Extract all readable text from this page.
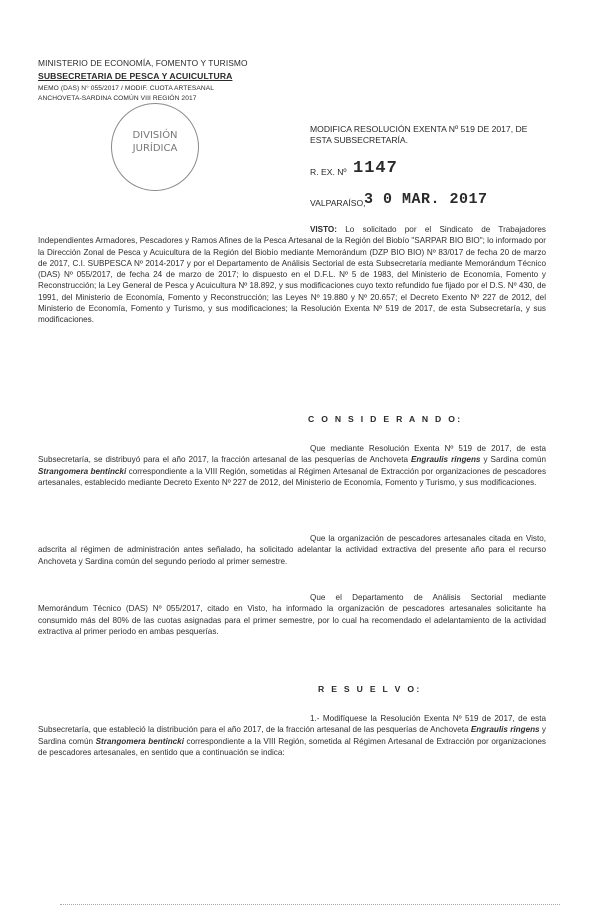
MINISTERIO DE ECONOMÍA, FOMENTO Y TURISMO
SUBSECRETARIA DE PESCA Y ACUICULTURA
MEMO (DAS) N° 055/2017 / MODIF. CUOTA ARTESANAL
ANCHOVETA-SARDINA COMÚN VIII REGIÓN 2017
DIVISIÓN
JURÍDICA
MODIFICA RESOLUCIÓN EXENTA Nº 519 DE 2017, DE
ESTA SUBSECRETARÍA.
R. EX. Nº 1147
VALPARAÍSO,
3 0 MAR. 2017
VISTO: Lo solicitado por el Sindicato de Trabajadores Independientes Armadores, Pescadores y Ramos Afines de la Pesca Artesanal de la Región del Biobío "SARPAR BIO BIO"; lo informado por la Dirección Zonal de Pesca y Acuicultura de la Región del Biobío mediante Memorándum (DZP BIO BIO) Nº 83/017 de fecha 20 de marzo de 2017, C.I. SUBPESCA Nº 2014-2017 y por el Departamento de Análisis Sectorial de esta Subsecretaría mediante Memorándum Técnico (DAS) Nº 055/2017, de fecha 24 de marzo de 2017; lo dispuesto en el D.F.L. Nº 5 de 1983, del Ministerio de Economía, Fomento y Reconstrucción; la Ley General de Pesca y Acuicultura Nº 18.892, y sus modificaciones cuyo texto refundido fue fijado por el D.S. Nº 430, de 1991, del Ministerio de Economía, Fomento y Reconstrucción; las Leyes Nº 19.880 y Nº 20.657; el Decreto Exento Nº 227 de 2012, del Ministerio de Economía, Fomento y Turismo, y sus modificaciones; la Resolución Exenta Nº 519 de 2017, de esta Subsecretaría, y sus modificaciones.
C O N S I D E R A N D O:
Que mediante Resolución Exenta Nº 519 de 2017, de esta Subsecretaría, se distribuyó para el año 2017, la fracción artesanal de las pesquerías de Anchoveta Engraulis ringens y Sardina común Strangomera bentincki correspondiente a la VIII Región, sometidas al Régimen Artesanal de Extracción por organizaciones de pescadores artesanales, establecido mediante Decreto Exento Nº 227 de 2012, del Ministerio de Economía, Fomento y Turismo, y sus modificaciones.
Que la organización de pescadores artesanales citada en Visto, adscrita al régimen de administración antes señalado, ha solicitado adelantar la actividad extractiva del presente año para el recurso Anchoveta y Sardina común del segundo periodo al primer semestre.
Que el Departamento de Análisis Sectorial mediante Memorándum Técnico (DAS) Nº 055/2017, citado en Visto, ha informado la organización de pescadores artesanales solicitante ha consumido más del 80% de las cuotas asignadas para el primer semestre, por lo cual ha recomendado el adelantamiento de la actividad extractiva al primer periodo en ambas pesquerías.
R E S U E L V O:
1.- Modifíquese la Resolución Exenta Nº 519 de 2017, de esta Subsecretaría, que estableció la distribución para el año 2017, de la fracción artesanal de las pesquerías de Anchoveta Engraulis ringens y Sardina común Strangomera bentincki correspondiente a la VIII Región, sometida al Régimen Artesanal de Extracción por organizaciones de pescadores artesanales, en sentido que a continuación se indica:
